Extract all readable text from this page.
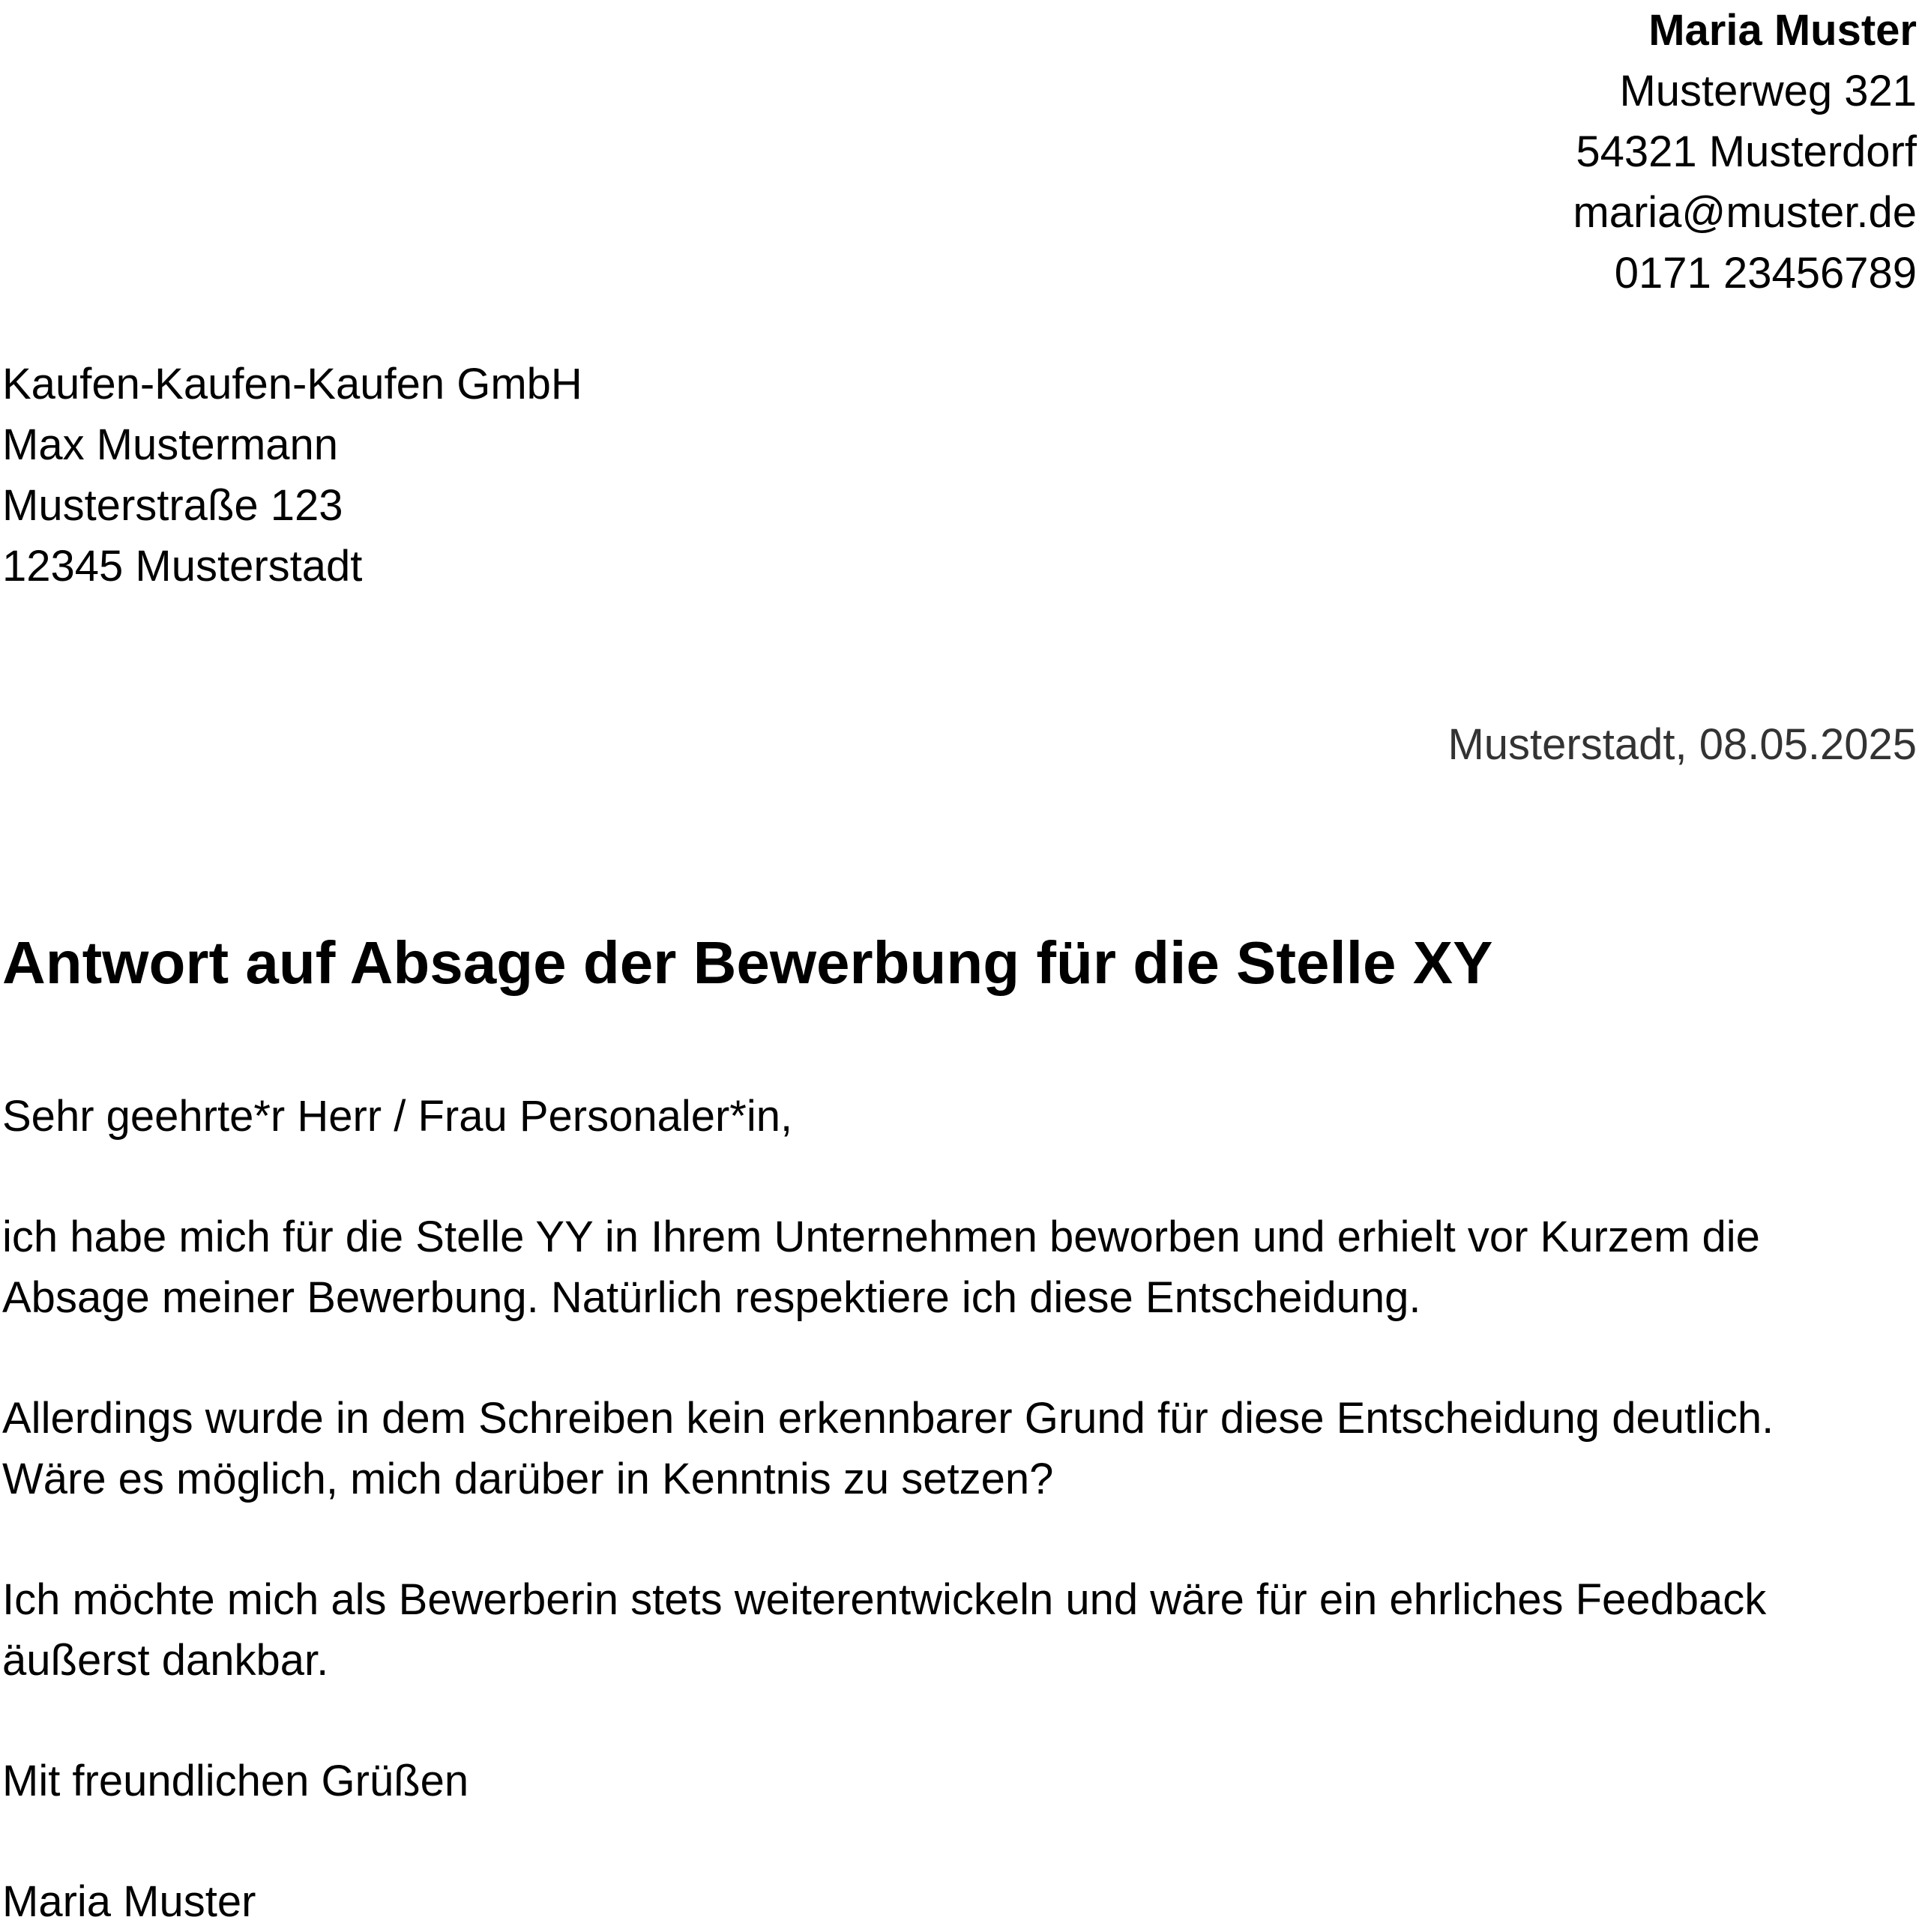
Maria Muster
Musterweg 321
54321 Musterdorf
maria@muster.de
0171 23456789
Kaufen-Kaufen-Kaufen GmbH
Max Mustermann
Musterstraße 123
12345 Musterstadt
Musterstadt, 08.05.2025
Antwort auf Absage der Bewerbung für die Stelle XY
Sehr geehrte*r Herr / Frau Personaler*in,
ich habe mich für die Stelle YY in Ihrem Unternehmen beworben und erhielt vor Kurzem die
Absage meiner Bewerbung. Natürlich respektiere ich diese Entscheidung.
Allerdings wurde in dem Schreiben kein erkennbarer Grund für diese Entscheidung deutlich.
Wäre es möglich, mich darüber in Kenntnis zu setzen?
Ich möchte mich als Bewerberin stets weiterentwickeln und wäre für ein ehrliches Feedback
äußerst dankbar.
Mit freundlichen Grüßen
Maria Muster
